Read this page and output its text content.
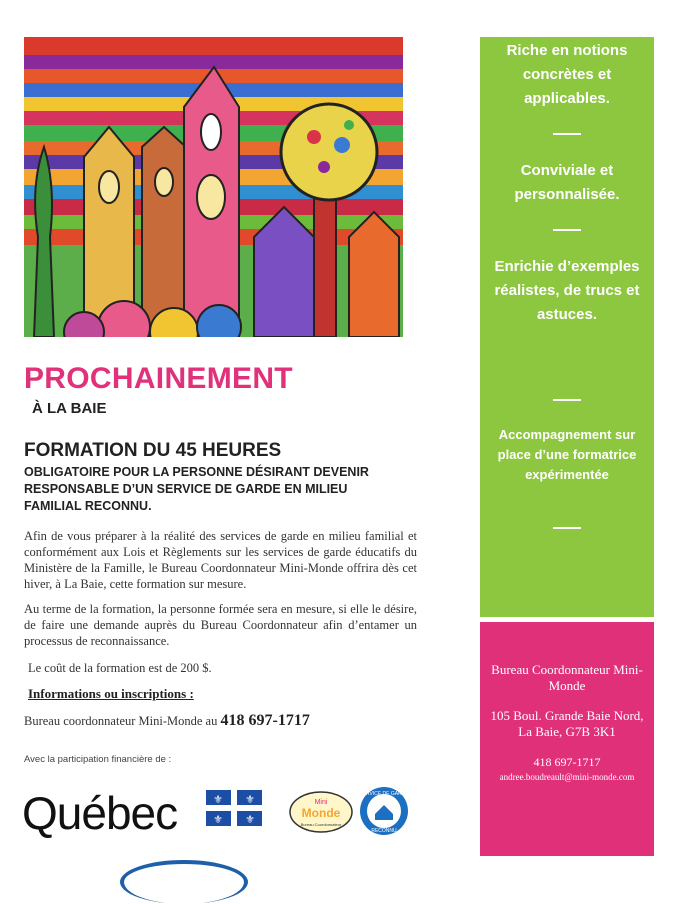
PROCHAINEMENT
À LA BAIE
FORMATION DU 45 HEURES
OBLIGATOIRE POUR LA PERSONNE DÉSIRANT DEVENIR RESPONSABLE D’UN SERVICE DE GARDE EN MILIEU FAMILIAL RECONNU.
Afin de vous préparer à la réalité des services de garde en milieu familial et conformément aux Lois et Règlements sur les services de garde éducatifs du Ministère de la Famille, le Bureau Coordonnateur Mini-Monde offrira dès cet hiver, à La Baie, cette formation sur mesure.
Au terme de la formation, la personne formée sera en mesure, si elle le désire, de faire une demande auprès du Bureau Coordonnateur afin d’entamer un processus de reconnaissance.
Le coût de la formation est de 200 $.
Informations ou inscriptions :
Bureau coordonnateur Mini-Monde au 418 697-1717
Avec la participation financière de :
Québec	⚜ ⚜
⚜ ⚜
Mini
Monde
Bureau Coordonnateur
SERVICE DE GARDE
RECONNU
Riche en notions concrètes et applicables.
Conviviale et personnalisée.
Enrichie d’exemples réalistes, de trucs et astuces.
Accompagnement sur place d’une formatrice expérimentée
Bureau Coordonnateur Mini-Monde
105 Boul. Grande Baie Nord, La Baie, G7B 3K1
418 697-1717
andree.boudreault@mini-monde.com
